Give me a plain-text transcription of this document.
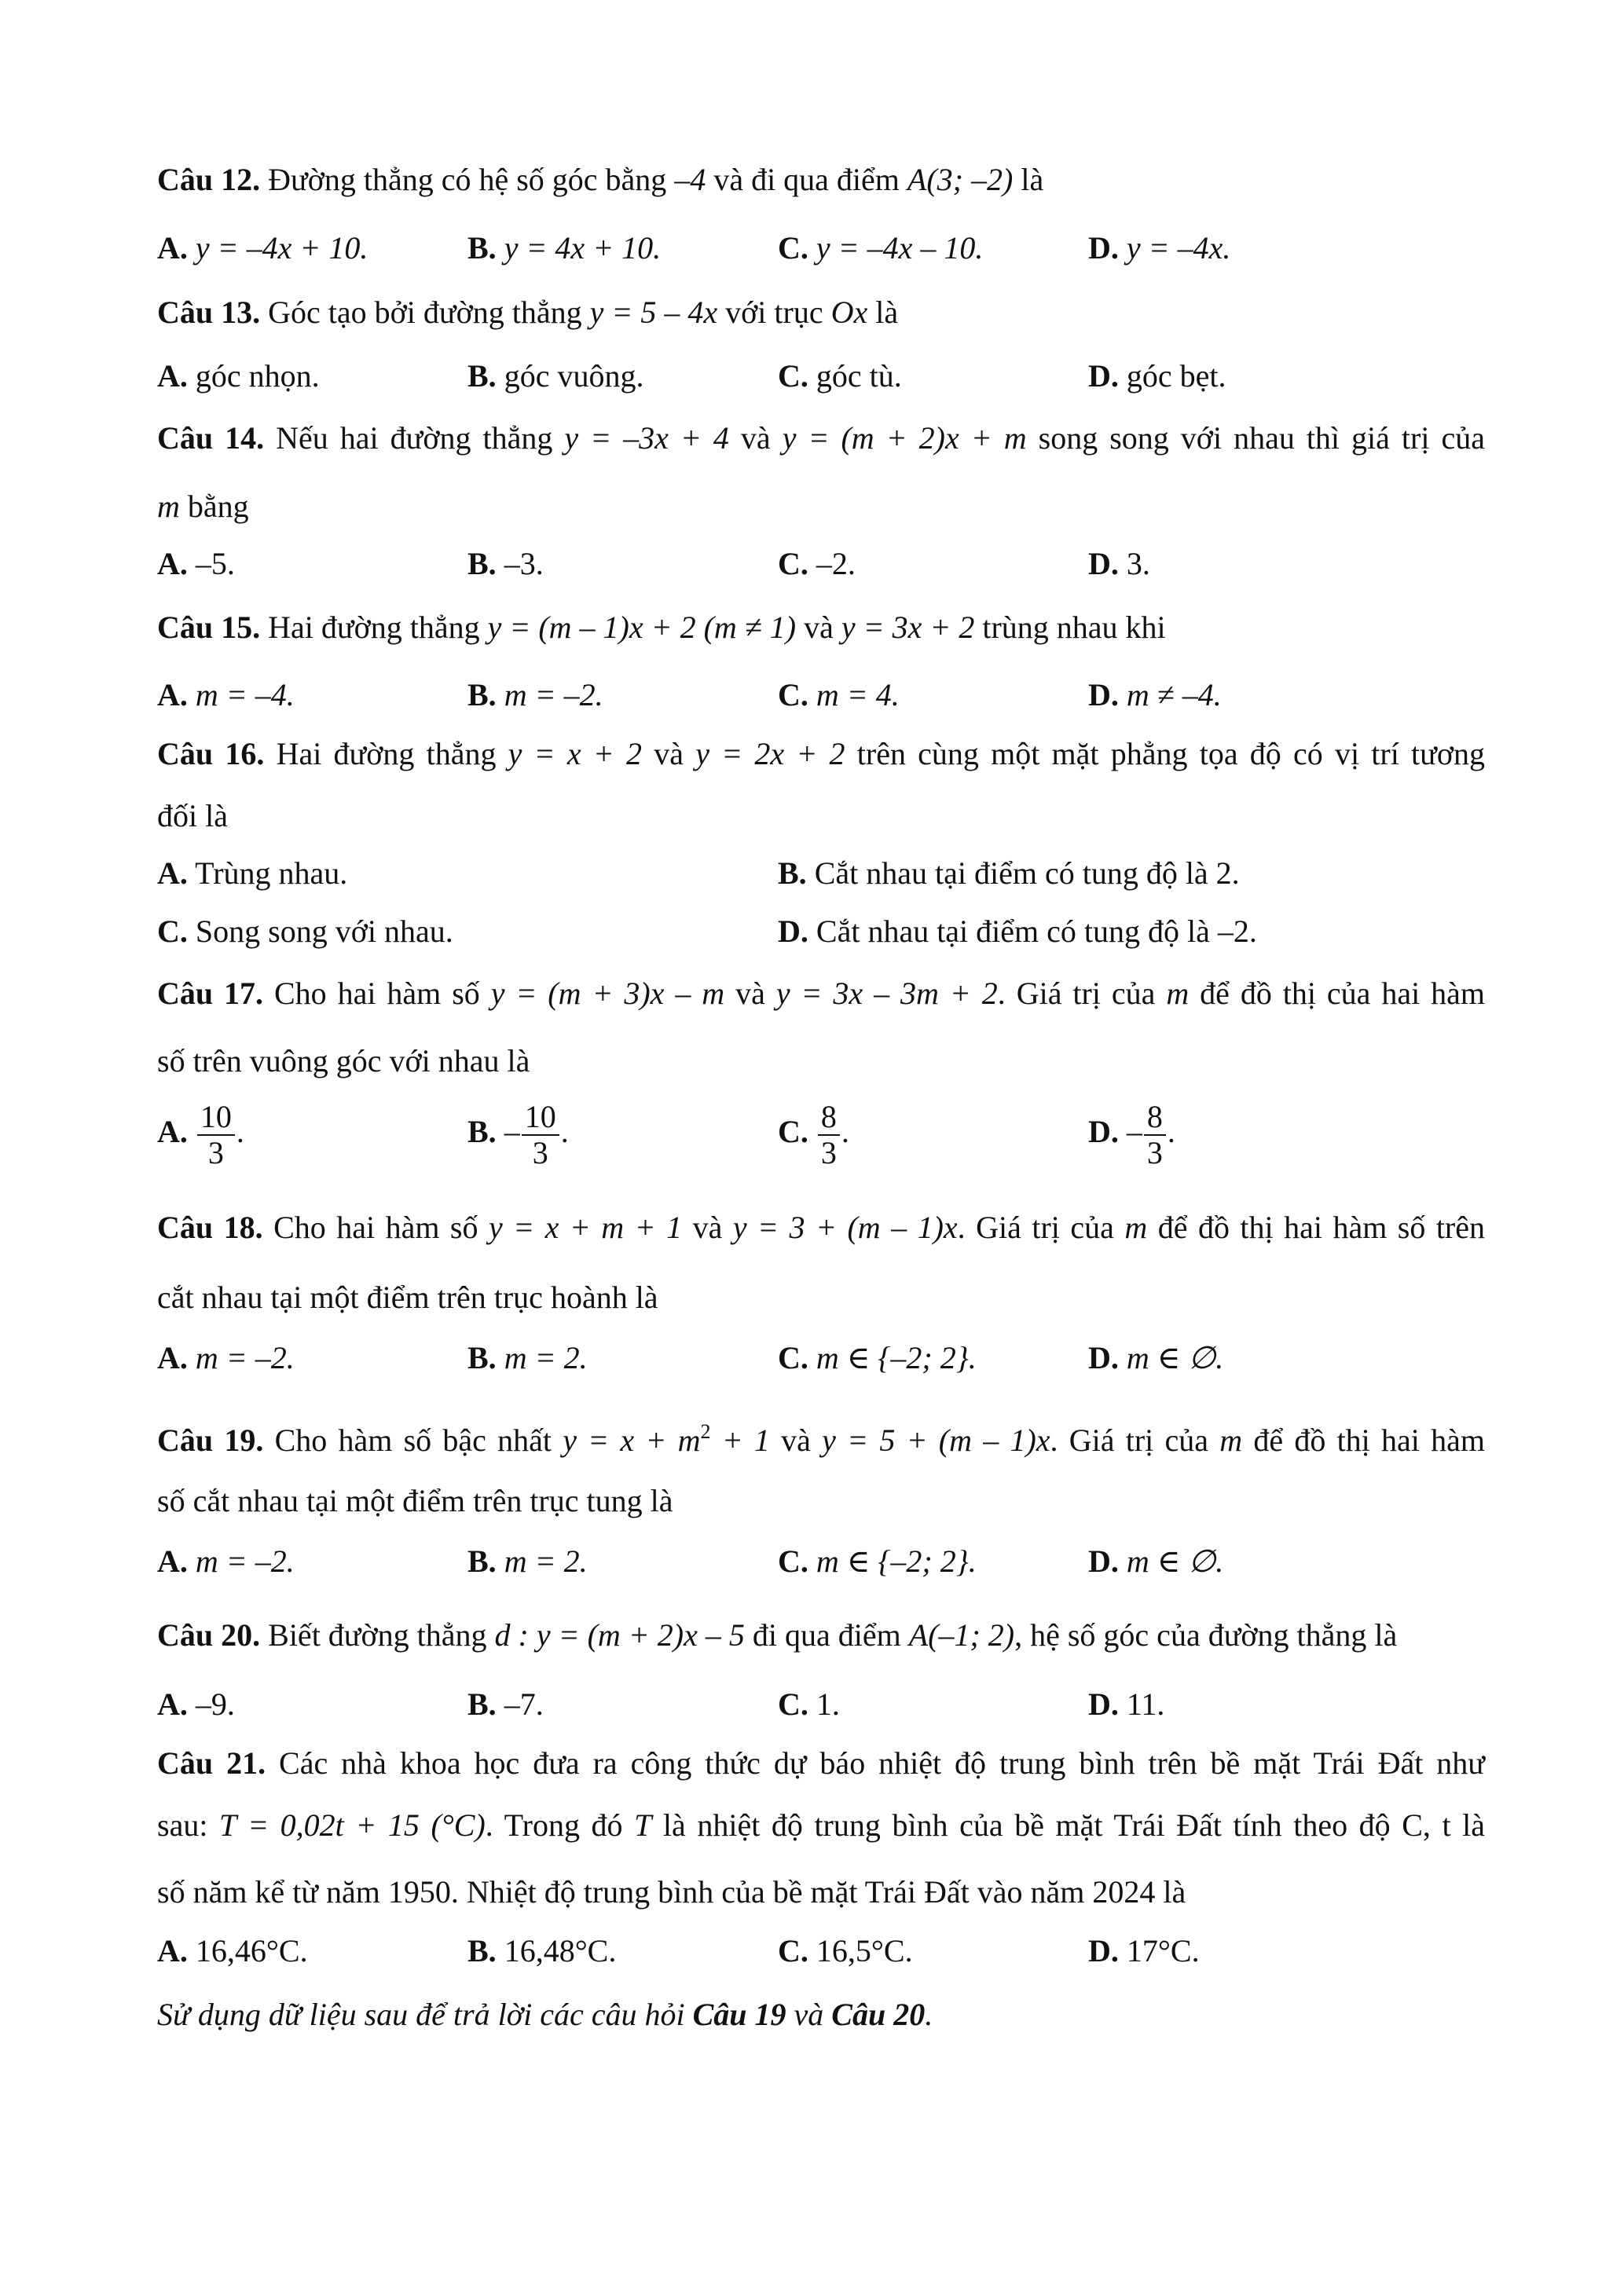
Câu 12. Đường thẳng có hệ số góc bằng –4 và đi qua điểm A(3; –2) là
A. y = –4x + 10.	B. y = 4x + 10.	C. y = –4x – 10.	D. y = –4x.
Câu 13. Góc tạo bởi đường thẳng y = 5 – 4x với trục Ox là
A. góc nhọn.	B. góc vuông.	C. góc tù.	D. góc bẹt.
Câu 14. Nếu hai đường thẳng y = –3x + 4 và y = (m + 2)x + m song song với nhau thì giá trị của
m bằng
A. –5.	B. –3.	C. –2.	D. 3.
Câu 15. Hai đường thẳng y = (m – 1)x + 2 (m ≠ 1) và y = 3x + 2 trùng nhau khi
A. m = –4.	B. m = –2.	C. m = 4.	D. m ≠ –4.
Câu 16. Hai đường thẳng y = x + 2 và y = 2x + 2 trên cùng một mặt phẳng tọa độ có vị trí tương
đối là
A. Trùng nhau.	B. Cắt nhau tại điểm có tung độ là 2.
C. Song song với nhau.	D. Cắt nhau tại điểm có tung độ là –2.
Câu 17. Cho hai hàm số y = (m + 3)x – m và y = 3x – 3m + 2. Giá trị của m để đồ thị của hai hàm
số trên vuông góc với nhau là
A. $\frac{10}{3}$ .	B. – $\frac{10}{3}$ .	C. $\frac{8}{3}$ .	D. – $\frac{8}{3}$ .
Câu 18. Cho hai hàm số y = x + m + 1 và y = 3 + (m – 1)x. Giá trị của m để đồ thị hai hàm số trên
cắt nhau tại một điểm trên trục hoành là
A. m = –2.	B. m = 2.	C. m ∈ {–2; 2}.	D. m ∈ ∅.
Câu 19. Cho hàm số bậc nhất $y = x + m^2 + 1$ và y = 5 + (m – 1)x. Giá trị của m để đồ thị hai hàm
số cắt nhau tại một điểm trên trục tung là
A. m = –2.	B. m = 2.	C. m ∈ {–2; 2}.	D. m ∈ ∅.
Câu 20. Biết đường thẳng d : y = (m + 2)x – 5 đi qua điểm A(–1; 2), hệ số góc của đường thẳng là
A. –9.	B. –7.	C. 1.	D. 11.
Câu 21. Các nhà khoa học đưa ra công thức dự báo nhiệt độ trung bình trên bề mặt Trái Đất như
sau: T = 0,02t + 15 (°C). Trong đó T là nhiệt độ trung bình của bề mặt Trái Đất tính theo độ C, t là
số năm kể từ năm 1950. Nhiệt độ trung bình của bề mặt Trái Đất vào năm 2024 là
A. 16,46°C.	B. 16,48°C.	C. 16,5°C.	D. 17°C.
Sử dụng dữ liệu sau để trả lời các câu hỏi Câu 19 và Câu 20.
